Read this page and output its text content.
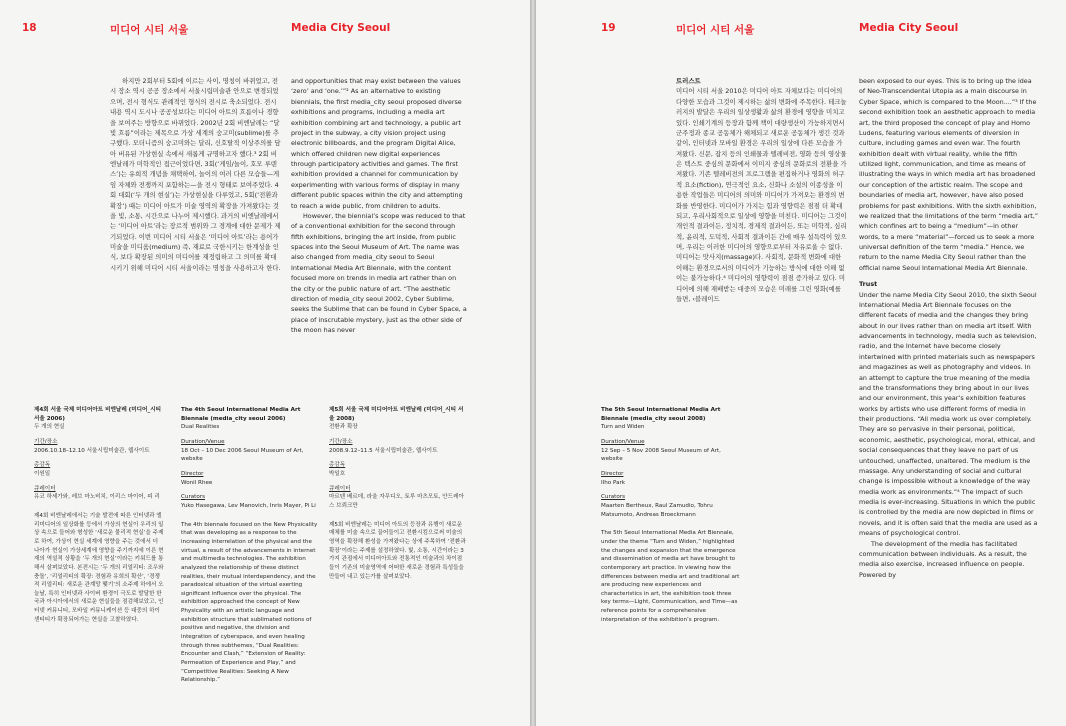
18	미디어 시티 서울	Media City Seoul

하지만 2회부터 5회에 이르는 사이, 명칭이 바뀌었고, 전시 장소 역시 공공 장소에서 서울시립미술관 안으로 변경되었으며, 전시 형식도 관례적인 형식의 전시로 축소되었다. 전시 내용 역시 도시나 공공성보다는 미디어 아트의 흐름이나 경향을 보여주는 방향으로 바뀌었다. 2002년 2회 비엔날레는 “달빛 흐름”이라는 제목으로 가상 세계의 숭고미(sublime)를 추구했다. 모더니즘의 숭고미와는 달리, 신호탈적 이상주의를 담아 버유된 가상현실 속에서 새롭게 규명하고자 했다.³ 2회 비엔날레가 미학적인 접근이었다면, 3회(‘게임/놀이, 호모 루덴스’)는 유희적 개념을 채택하여, 놀이의 여러 다른 모습들—게임 자체와 전쟁까지 포함하는—을 전시 형태로 보여주었다. 4회 대회(‘두 개의 현실’)는 가상현실을 다루었고, 5회(‘전환과 확장’) 때는 미디어 아트가 미술 영역의 확장을 가져왔다는 것을 빛, 소통, 시간으로 나누어 제시했다. 과거의 비엔날레에서는 ‘미디어 아트’라는 장르적 범위와 그 경계에 대한 문제가 제기되었다. 이번 미디어 시티 서울은 ‘미디어 아트’라는 용어가 미술을 미디움(medium) 즉, 재료로 국한시키는 한계성을 인식, 보다 확장된 의미의 미디어를 재정립하고 그 의미를 확대시키기 위해 미디어 시티 서울이라는 명칭을 사용하고자 한다.

and opportunities that may exist between the values ‘zero’ and ‘one.’”² As an alternative to existing biennials, the first media_city seoul proposed diverse exhibitions and programs, including a media art exhibition combining art and technology, a public art project in the subway, a city vision project using electronic billboards, and the program Digital Alice, which offered children new digital experiences through participatory activities and games. The first exhibition provided a channel for communication by experimenting with various forms of display in many different public spaces within the city and attempting to reach a wide public, from children to adults.

However, the biennial’s scope was reduced to that of a conventional exhibition for the second through fifth exhibitions, bringing the art inside, from public spaces into the Seoul Museum of Art. The name was also changed from media_city seoul to Seoul International Media Art Biennale, with the content focused more on trends in media art rather than on the city or the public nature of art. “The aesthetic direction of media_city seoul 2002, Cyber Sublime, seeks the Sublime that can be found in Cyber Space, a place of inscrutable mystery, just as the other side of the moon has never

제4회 서울 국제 미디어아트 비엔날레 (미디어_시티 서울 2006)
두 개의 현실
기간/장소
2006.10.18–12.10 서울시립미술관, 웹사이트
총감독
이원일
큐레이터
유코 하세가와, 레브 마노비치, 이리스 마이어, 피 리
제4회 비엔날레에서는 기술 발전에 따른 인터넷과 엘리미디어의 일상화를 등에서 가상의 현실이 우리의 일상 속으로 들어와 형성한 ‘새로운 물리적 현실’을 주제로 하여, 가상이 현실 세계에 영향을 주는 것에서 더 나아가 현실이 가상세계에 영향을 주기까지에 이른 현재의 역설적 상황을 ‘두 개의 현실’이라는 키워드를 통해서 살펴보았다. 본전시는 ‘두 개의 리얼리티: 조우와 충돌’, ‘리얼리티의 확장: 경험과 유희의 확산’, ‘경쟁적 리얼리티: 새로운 관계망 맺기’의 소주제 하에서 오늘날, 특히 인터넷과 사이버 환경이 극도로 발달한 한국과 아시아에서의 새로운 현실들을 점검해보았고, 인터넷 커뮤니티, 모바일 커뮤니케이션 등 대중의 하이센티티가 확장되어가는 현실을 고찰하였다.
The 4th Seoul International Media Art Biennale (media_city seoul 2006)
Dual Realities
Duration/Venue
18 Oct – 10 Dec 2006 Seoul Museum of Art, website
Director
Wonil Rhee
Curators
Yuko Hasegawa, Lev Manovich, Inris Mayer, Pi Li
The 4th biennale focused on the New Physicality that was developing as a response to the increasing interrelation of the physical and the virtual, a result of the advancements in internet and multimedia technologies. The exhibition analyzed the relationship of these distinct realities, their mutual interdependency, and the paradoxical situation of the virtual exerting significant influence over the physical. The exhibition approached the concept of New Physicality with an artistic language and exhibition structure that sublimated notions of positive and negative, the division and integration of cyberspace, and even healing through three subthemes, “Dual Realities: Encounter and Clash,” “Extension of Reality: Permeation of Experience and Play,” and “Competitive Realities: Seeking A New Relationship.”
제5회 서울 국제 미디어아트 비엔날레 (미디어_시티 서울 2008)
전환과 확장
기간/장소
2008.9.12–11.5 서울시립미술관, 웹사이트
총감독
박일호
큐레이터
마르텐 베르데, 라울 자무디오, 토루 마츠모토, 안드레아스 브뢰크만
제5회 비엔날레는 미디어 아트의 등장과 유행이 새로운 매체를 미술 속으로 끌어들이고 전환시킴으로써 미술의 영역을 확장해 환성을 가져왔다는 상에 주목하여 ‘전환과 확장’이라는 주제를 설정하였다. 빛, 소통, 시간이라는 3가지 관점에서 미디어아트와 전통적인 미술과의 차이점들이 기존의 미술영역에 어떠한 새로운 경험과 특성들을 만들어 내고 있는가를 살펴보았다.
19	미디어 시티 서울	Media City Seoul

트러스트

미디어 시티 서울 2010은 미디어 아트 자체보다는 미디어의 다양한 모습과 그것이 제시하는 삶의 변화에 주목한다. 테크놀러지의 발달은 우리의 일상생활과 삶의 환경에 영향을 미치고 있다. 인쇄기계의 등장과 함께 책이 대량생산이 가능하지면서 군주정과 종교 공동체가 해체되고 새로운 공동체가 생긴 것과 같이, 인터넷과 모바일 환경은 우리의 일상에 다른 모습을 가져왔다. 신문, 잡지 등의 인쇄물과 텔레비전, 영화 등의 영상물은 텍스트 중심의 문화에서 이미지 중심의 문화로의 전환을 가져왔다. 기존 텔레비전의 프로그램을 편집하거나 영화의 허구적 요소(fiction), 연극적인 요소, 신화나 소설의 이종성을 이용한 작업들은 미디어의 의미와 미디어가 가져오는 환경의 변화를 반영한다. 미디어가 가지는 힘과 영향력은 점점 더 확대되고, 우리사회적으로 일상에 영향을 미친다. 미디어는 그것이 개인적 결과이든, 정치적, 경제적 결과이든, 또는 미학적, 심리적, 윤리적, 도덕적, 사회적 결과이든 간에 매우 설득력이 있으며, 우리는 이러한 미디어의 영향으로부터 자유로울 수 없다. 미디어는 맛사지(massage)다. 사회적, 문화적 변화에 대한 이해는 환경으로서의 미디어가 기능하는 방식에 대한 이해 없이는 불가능하다.⁴ 미디어의 영향력이 점점 증가하고 있다. 미디어에 의해 재배받는 대중의 모습은 미래를 그린 영화(예를 들면, ‹블레이드

been exposed to our eyes. This is to bring up the idea of Neo-Transcendental Utopia as a main discourse in Cyber Space, which is compared to the Moon....”³ If the second exhibition took an aesthetic approach to media art, the third proposed the concept of play and Homo Ludens, featuring various elements of diversion in culture, including games and even war. The fourth exhibition dealt with virtual reality, while the fifth utilized light, communication, and time as means of illustrating the ways in which media art has broadened our conception of the artistic realm. The scope and boundaries of media art, however, have also posed problems for past exhibitions. With the sixth exhibition, we realized that the limitations of the term “media art,” which confines art to being a “medium”—in other words, to a mere “material”—forced us to seek a more universal definition of the term “media.” Hence, we return to the name Media City Seoul rather than the official name Seoul International Media Art Biennale.

Trust

Under the name Media City Seoul 2010, the sixth Seoul International Media Art Biennale focuses on the different facets of media and the changes they bring about in our lives rather than on media art itself. With advancements in technology, media such as television, radio, and the Internet have become closely intertwined with printed materials such as newspapers and magazines as well as photography and videos. In an attempt to capture the true meaning of the media and the transformations they bring about in our lives and our environment, this year’s exhibition features works by artists who use different forms of media in their productions. “All media work us over completely. They are so pervasive in their personal, political, economic, aesthetic, psychological, moral, ethical, and social consequences that they leave no part of us untouched, unaffected, unaltered. The medium is the massage. Any understanding of social and cultural change is impossible without a knowledge of the way media work as environments.”⁴ The impact of such media is ever-increasing. Situations in which the public is controlled by the media are now depicted in films or novels, and it is often said that the media are used as a means of psychological control.

The development of the media has facilitated communication between individuals. As a result, the media also exercise, increased influence on people. Powered by

The 5th Seoul International Media Art Biennale (media_city seoul 2008)
Turn and Widen
Duration/Venue
12 Sep – 5 Nov 2008 Seoul Museum of Art, website
Director
Ilho Park
Curators
Maarten Bertheux, Raul Zamudio, Tohru Matsumoto, Andreas Broeckmann
The 5th Seoul International Media Art Biennale, under the theme “Turn and Widen,” highlighted the changes and expansion that the emergence and dissemination of media art have brought to contemporary art practice. In viewing how the differences between media art and traditional art are producing new experiences and characteristics in art, the exhibition took three key terms—Light, Communication, and Time—as reference points for a comprehensive interpretation of the exhibition’s program.
